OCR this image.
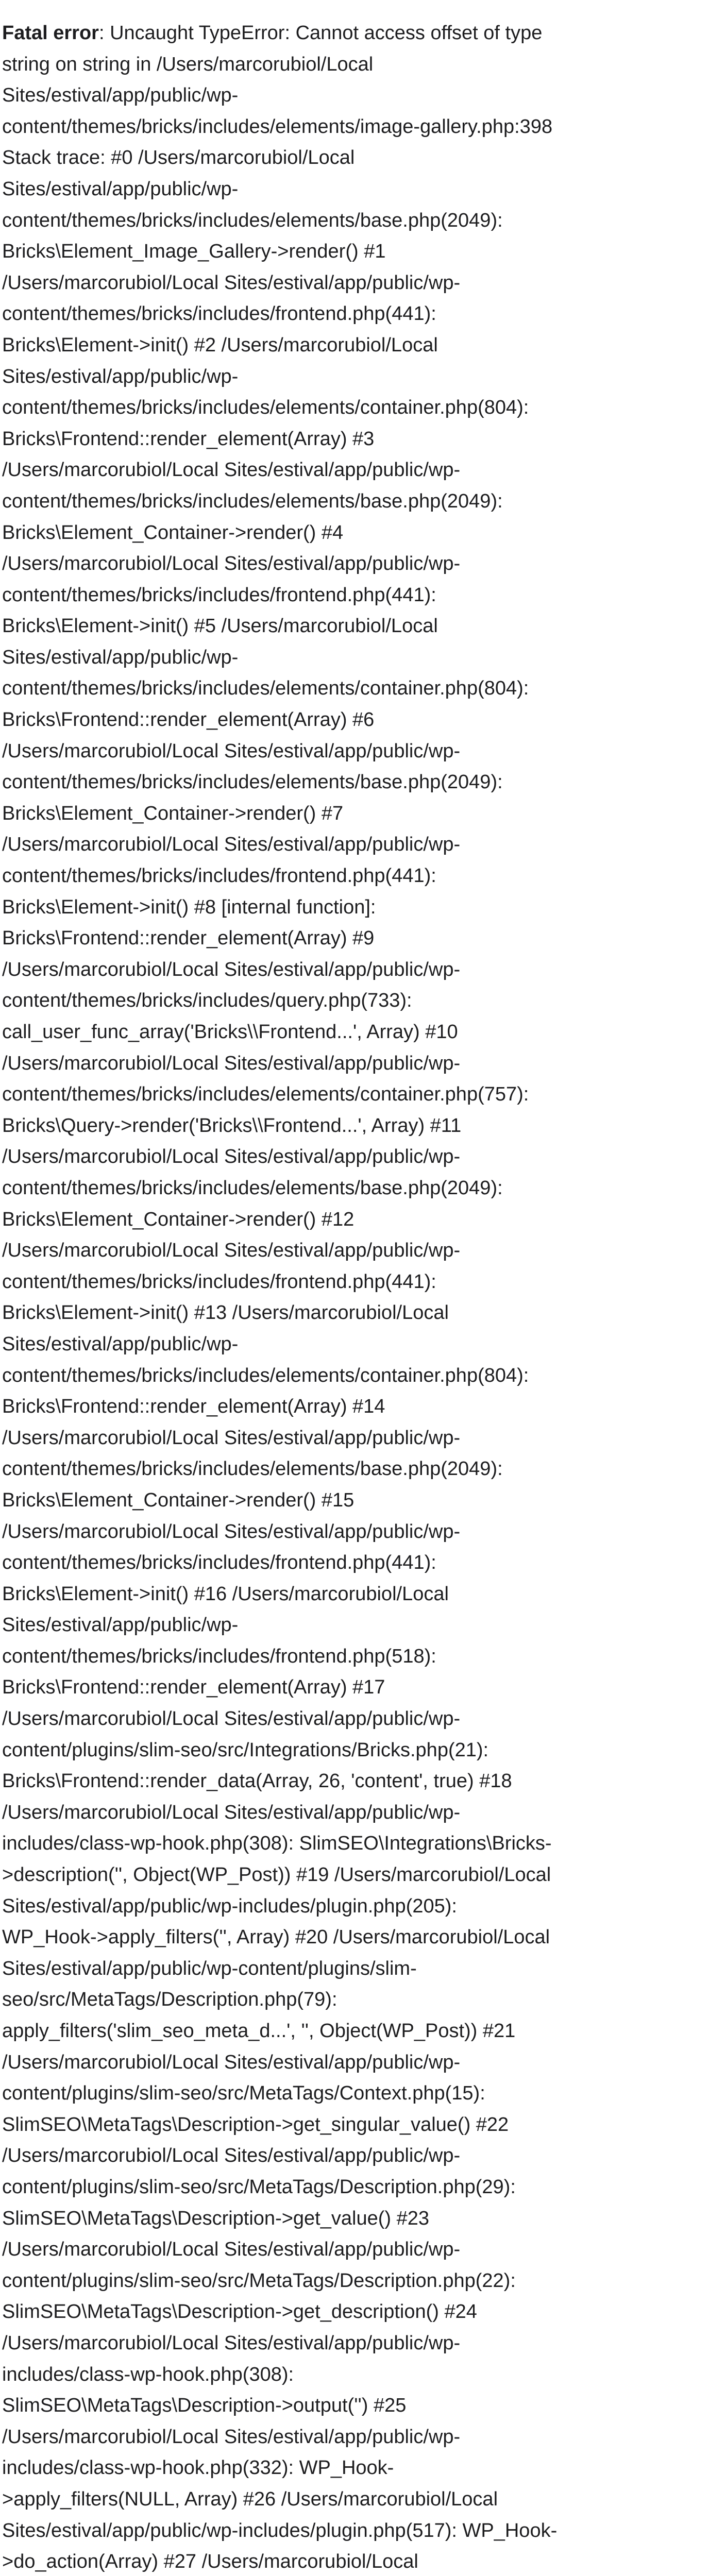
Fatal error: Uncaught TypeError: Cannot access offset of type
string on string in /Users/marcorubiol/Local
Sites/estival/app/public/wp-
content/themes/bricks/includes/elements/image-gallery.php:398
Stack trace: #0 /Users/marcorubiol/Local
Sites/estival/app/public/wp-
content/themes/bricks/includes/elements/base.php(2049):
Bricks\Element_Image_Gallery->render() #1
/Users/marcorubiol/Local Sites/estival/app/public/wp-
content/themes/bricks/includes/frontend.php(441):
Bricks\Element->init() #2 /Users/marcorubiol/Local
Sites/estival/app/public/wp-
content/themes/bricks/includes/elements/container.php(804):
Bricks\Frontend::render_element(Array) #3
/Users/marcorubiol/Local Sites/estival/app/public/wp-
content/themes/bricks/includes/elements/base.php(2049):
Bricks\Element_Container->render() #4
/Users/marcorubiol/Local Sites/estival/app/public/wp-
content/themes/bricks/includes/frontend.php(441):
Bricks\Element->init() #5 /Users/marcorubiol/Local
Sites/estival/app/public/wp-
content/themes/bricks/includes/elements/container.php(804):
Bricks\Frontend::render_element(Array) #6
/Users/marcorubiol/Local Sites/estival/app/public/wp-
content/themes/bricks/includes/elements/base.php(2049):
Bricks\Element_Container->render() #7
/Users/marcorubiol/Local Sites/estival/app/public/wp-
content/themes/bricks/includes/frontend.php(441):
Bricks\Element->init() #8 [internal function]:
Bricks\Frontend::render_element(Array) #9
/Users/marcorubiol/Local Sites/estival/app/public/wp-
content/themes/bricks/includes/query.php(733):
call_user_func_array('Bricks\\Frontend...', Array) #10
/Users/marcorubiol/Local Sites/estival/app/public/wp-
content/themes/bricks/includes/elements/container.php(757):
Bricks\Query->render('Bricks\\Frontend...', Array) #11
/Users/marcorubiol/Local Sites/estival/app/public/wp-
content/themes/bricks/includes/elements/base.php(2049):
Bricks\Element_Container->render() #12
/Users/marcorubiol/Local Sites/estival/app/public/wp-
content/themes/bricks/includes/frontend.php(441):
Bricks\Element->init() #13 /Users/marcorubiol/Local
Sites/estival/app/public/wp-
content/themes/bricks/includes/elements/container.php(804):
Bricks\Frontend::render_element(Array) #14
/Users/marcorubiol/Local Sites/estival/app/public/wp-
content/themes/bricks/includes/elements/base.php(2049):
Bricks\Element_Container->render() #15
/Users/marcorubiol/Local Sites/estival/app/public/wp-
content/themes/bricks/includes/frontend.php(441):
Bricks\Element->init() #16 /Users/marcorubiol/Local
Sites/estival/app/public/wp-
content/themes/bricks/includes/frontend.php(518):
Bricks\Frontend::render_element(Array) #17
/Users/marcorubiol/Local Sites/estival/app/public/wp-
content/plugins/slim-seo/src/Integrations/Bricks.php(21):
Bricks\Frontend::render_data(Array, 26, 'content', true) #18
/Users/marcorubiol/Local Sites/estival/app/public/wp-
includes/class-wp-hook.php(308): SlimSEO\Integrations\Bricks-
>description('', Object(WP_Post)) #19 /Users/marcorubiol/Local
Sites/estival/app/public/wp-includes/plugin.php(205):
WP_Hook->apply_filters('', Array) #20 /Users/marcorubiol/Local
Sites/estival/app/public/wp-content/plugins/slim-
seo/src/MetaTags/Description.php(79):
apply_filters('slim_seo_meta_d...', '', Object(WP_Post)) #21
/Users/marcorubiol/Local Sites/estival/app/public/wp-
content/plugins/slim-seo/src/MetaTags/Context.php(15):
SlimSEO\MetaTags\Description->get_singular_value() #22
/Users/marcorubiol/Local Sites/estival/app/public/wp-
content/plugins/slim-seo/src/MetaTags/Description.php(29):
SlimSEO\MetaTags\Description->get_value() #23
/Users/marcorubiol/Local Sites/estival/app/public/wp-
content/plugins/slim-seo/src/MetaTags/Description.php(22):
SlimSEO\MetaTags\Description->get_description() #24
/Users/marcorubiol/Local Sites/estival/app/public/wp-
includes/class-wp-hook.php(308):
SlimSEO\MetaTags\Description->output('') #25
/Users/marcorubiol/Local Sites/estival/app/public/wp-
includes/class-wp-hook.php(332): WP_Hook-
>apply_filters(NULL, Array) #26 /Users/marcorubiol/Local
Sites/estival/app/public/wp-includes/plugin.php(517): WP_Hook-
>do_action(Array) #27 /Users/marcorubiol/Local
